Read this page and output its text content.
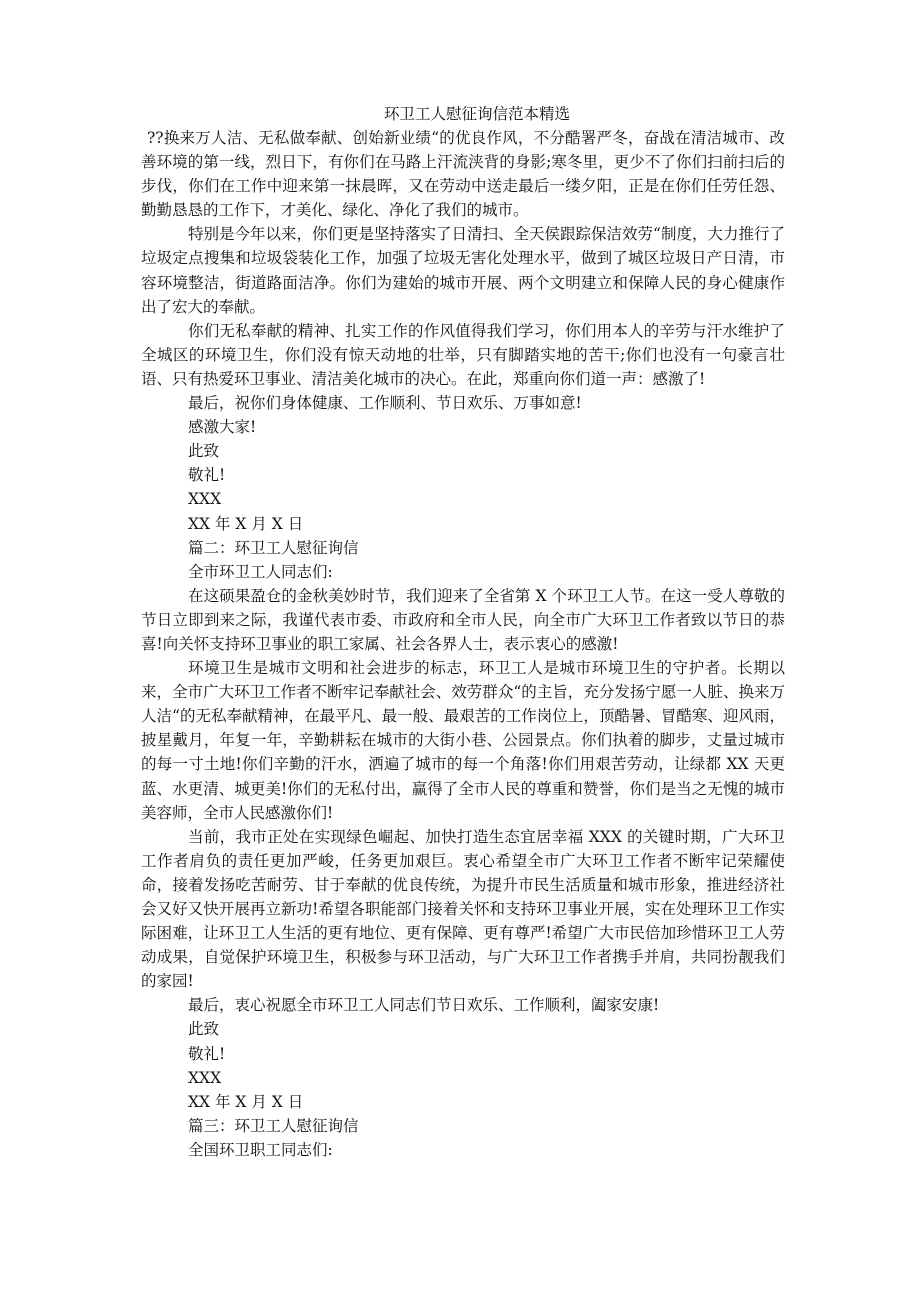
环卫工人慰征询信范本精选

??换来万人洁、无私做奉献、创始新业绩“的优良作风，不分酷署严冬，奋战在清洁城市、改善环境的第一线，烈日下，有你们在马路上汗流浃背的身影;寒冬里，更少不了你们扫前扫后的步伐，你们在工作中迎来第一抹晨晖，又在劳动中送走最后一缕夕阳，正是在你们任劳任怨、勤勤恳恳的工作下，才美化、绿化、净化了我们的城市。

特别是今年以来，你们更是坚持落实了日清扫、全天侯跟踪保洁效劳“制度，大力推行了垃圾定点搜集和垃圾袋装化工作，加强了垃圾无害化处理水平，做到了城区垃圾日产日清，市容环境整洁，街道路面洁净。你们为建始的城市开展、两个文明建立和保障人民的身心健康作出了宏大的奉献。

你们无私奉献的精神、扎实工作的作风值得我们学习，你们用本人的辛劳与汗水维护了全城区的环境卫生，你们没有惊天动地的壮举，只有脚踏实地的苦干;你们也没有一句豪言壮语、只有热爱环卫事业、清洁美化城市的决心。在此，郑重向你们道一声：感激了!

最后，祝你们身体健康、工作顺利、节日欢乐、万事如意!

感激大家!

此致

敬礼!

XXX

XX 年 X 月 X 日

篇二：环卫工人慰征询信

全市环卫工人同志们:

在这硕果盈仓的金秋美妙时节，我们迎来了全省第 X 个环卫工人节。在这一受人尊敬的节日立即到来之际，我谨代表市委、市政府和全市人民，向全市广大环卫工作者致以节日的恭喜!向关怀支持环卫事业的职工家属、社会各界人士，表示衷心的感激!

环境卫生是城市文明和社会进步的标志，环卫工人是城市环境卫生的守护者。长期以来，全市广大环卫工作者不断牢记奉献社会、效劳群众“的主旨，充分发扬宁愿一人脏、换来万人洁“的无私奉献精神，在最平凡、最一般、最艰苦的工作岗位上，顶酷暑、冒酷寒、迎风雨，披星戴月，年复一年，辛勤耕耘在城市的大街小巷、公园景点。你们执着的脚步，丈量过城市的每一寸土地!你们辛勤的汗水，洒遍了城市的每一个角落!你们用艰苦劳动，让绿都 XX 天更蓝、水更清、城更美!你们的无私付出，赢得了全市人民的尊重和赞誉，你们是当之无愧的城市美容师，全市人民感激你们!

当前，我市正处在实现绿色崛起、加快打造生态宜居幸福 XXX 的关键时期，广大环卫工作者肩负的责任更加严峻，任务更加艰巨。衷心希望全市广大环卫工作者不断牢记荣耀使命，接着发扬吃苦耐劳、甘于奉献的优良传统，为提升市民生活质量和城市形象，推进经济社会又好又快开展再立新功!希望各职能部门接着关怀和支持环卫事业开展，实在处理环卫工作实际困难，让环卫工人生活的更有地位、更有保障、更有尊严!希望广大市民倍加珍惜环卫工人劳动成果，自觉保护环境卫生，积极参与环卫活动，与广大环卫工作者携手并肩，共同扮靓我们的家园!

最后，衷心祝愿全市环卫工人同志们节日欢乐、工作顺利，阖家安康!

此致

敬礼!

XXX

XX 年 X 月 X 日

篇三：环卫工人慰征询信

全国环卫职工同志们:
